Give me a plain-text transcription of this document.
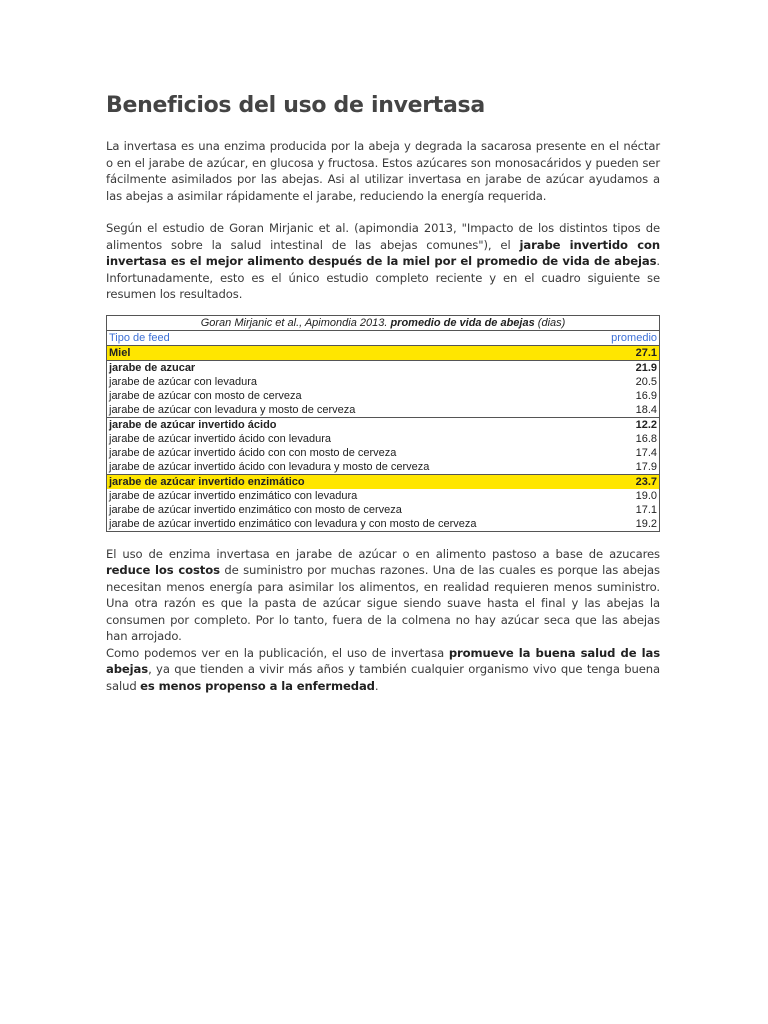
Beneficios del uso de invertasa

La invertasa es una enzima producida por la abeja y degrada la sacarosa presente en el néctar o en el jarabe de azúcar, en glucosa y fructosa. Estos azúcares son monosacáridos y pueden ser fácilmente asimilados por las abejas. Asi al utilizar invertasa en jarabe de azúcar ayudamos a las abejas a asimilar rápidamente el jarabe, reduciendo la energía requerida.

Según el estudio de Goran Mirjanic et al. (apimondia 2013, "Impacto de los distintos tipos de alimentos sobre la salud intestinal de las abejas comunes"), el jarabe invertido con invertasa es el mejor alimento después de la miel por el promedio de vida de abejas. Infortunadamente, esto es el único estudio completo reciente y en el cuadro siguiente se resumen los resultados.

Goran Mirjanic et al., Apimondia 2013. promedio de vida de abejas (dias)	
Tipo de feed	promedio
Miel	27.1
jarabe de azucar	21.9
jarabe de azúcar con levadura	20.5
jarabe de azúcar con mosto de cerveza	16.9
jarabe de azúcar con levadura y mosto de cerveza	18.4
jarabe de azúcar invertido ácido	12.2
jarabe de azúcar invertido ácido con levadura	16.8
jarabe de azúcar invertido ácido con con mosto de cerveza	17.4
jarabe de azúcar invertido ácido con levadura y mosto de cerveza	17.9
jarabe de azúcar invertido enzimático	23.7
jarabe de azúcar invertido enzimático con levadura	19.0
jarabe de azúcar invertido enzimático con mosto de cerveza	17.1
jarabe de azúcar invertido enzimático con levadura y con mosto de cerveza	19.2

El uso de enzima invertasa en jarabe de azúcar o en alimento pastoso a base de azucares reduce los costos de suministro por muchas razones. Una de las cuales es porque las abejas necesitan menos energía para asimilar los alimentos, en realidad requieren menos suministro. Una otra razón es que la pasta de azúcar sigue siendo suave hasta el final y las abejas la consumen por completo. Por lo tanto, fuera de la colmena no hay azúcar seca que las abejas han arrojado.

Como podemos ver en la publicación, el uso de invertasa promueve la buena salud de las abejas, ya que tienden a vivir más años y también cualquier organismo vivo que tenga buena salud es menos propenso a la enfermedad.
